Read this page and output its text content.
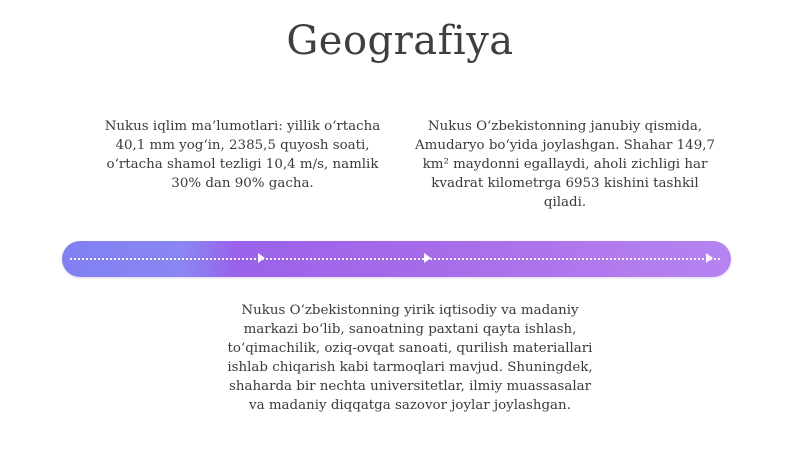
Geografiya
Nukus iqlim ma’lumotlari: yillik o‘rtacha 40,1 mm yog‘in, 2385,5 quyosh soati, o‘rtacha shamol tezligi 10,4 m/s, namlik 30% dan 90% gacha.
Nukus O‘zbekistonning janubiy qismida, Amudaryo bo‘yida joylashgan. Shahar 149,7 km² maydonni egallaydi, aholi zichligi har kvadrat kilometrga 6953 kishini tashkil qiladi.
Nukus O‘zbekistonning yirik iqtisodiy va madaniy markazi bo‘lib, sanoatning paxtani qayta ishlash, to‘qimachilik, oziq-ovqat sanoati, qurilish materiallari ishlab chiqarish kabi tarmoqlari mavjud. Shuningdek, shaharda bir nechta universitetlar, ilmiy muassasalar va madaniy diqqatga sazovor joylar joylashgan.
